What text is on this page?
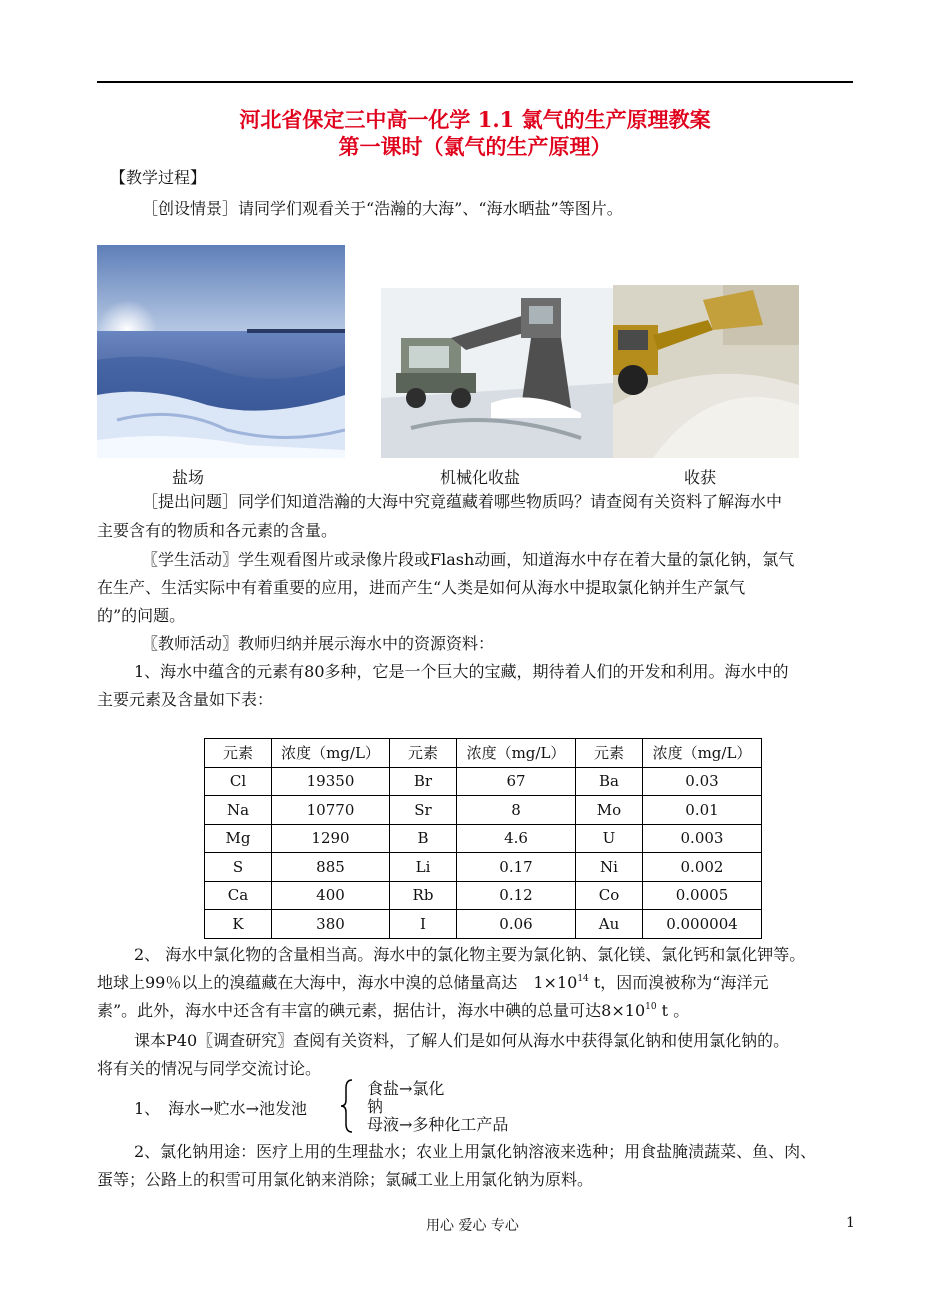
河北省保定三中高一化学 1.1 氯气的生产原理教案
第一课时（氯气的生产原理）
【教学过程】
［创设情景］请同学们观看关于“浩瀚的大海”、“海水晒盐”等图片。
盐场	机械化收盐	收获
［提出问题］同学们知道浩瀚的大海中究竟蕴藏着哪些物质吗？请查阅有关资料了解海水中
主要含有的物质和各元素的含量。
〖学生活动〗学生观看图片或录像片段或Flash动画，知道海水中存在着大量的氯化钠，氯气
在生产、生活实际中有着重要的应用，进而产生“人类是如何从海水中提取氯化钠并生产氯气
的”的问题。
〖教师活动〗教师归纳并展示海水中的资源资料：
1、海水中蕴含的元素有80多种，它是一个巨大的宝藏，期待着人们的开发和利用。海水中的
主要元素及含量如下表：
元素	浓度（mg/L）	元素	浓度（mg/L）	元素	浓度（mg/L）
Cl	19350	Br	67	Ba	0.03
Na	10770	Sr	8	Mo	0.01
Mg	1290	B	4.6	U	0.003
S	885	Li	0.17	Ni	0.002
Ca	400	Rb	0.12	Co	0.0005
K	380	I	0.06	Au	0.000004
2、 海水中氯化物的含量相当高。海水中的氯化物主要为氯化钠、氯化镁、氯化钙和氯化钾等。
地球上99％以上的溴蕴藏在大海中，海水中溴的总储量高达　$1\times 10^{14}$ t，因而溴被称为“海洋元
素”。此外，海水中还含有丰富的碘元素，据估计，海水中碘的总量可达$8\times 10^{10}$ t 。
课本P40〖调查研究〗查阅有关资料，了解人们是如何从海水中获得氯化钠和使用氯化钠的。
将有关的情况与同学交流讨论。
1、　海水→贮水→池发池
食盐→氯化
钠
母液→多种化工产品
2、氯化钠用途：医疗上用的生理盐水；农业上用氯化钠溶液来选种；用食盐腌渍蔬菜、鱼、肉、
蛋等；公路上的积雪可用氯化钠来消除；氯碱工业上用氯化钠为原料。
用心 爱心 专心	1
